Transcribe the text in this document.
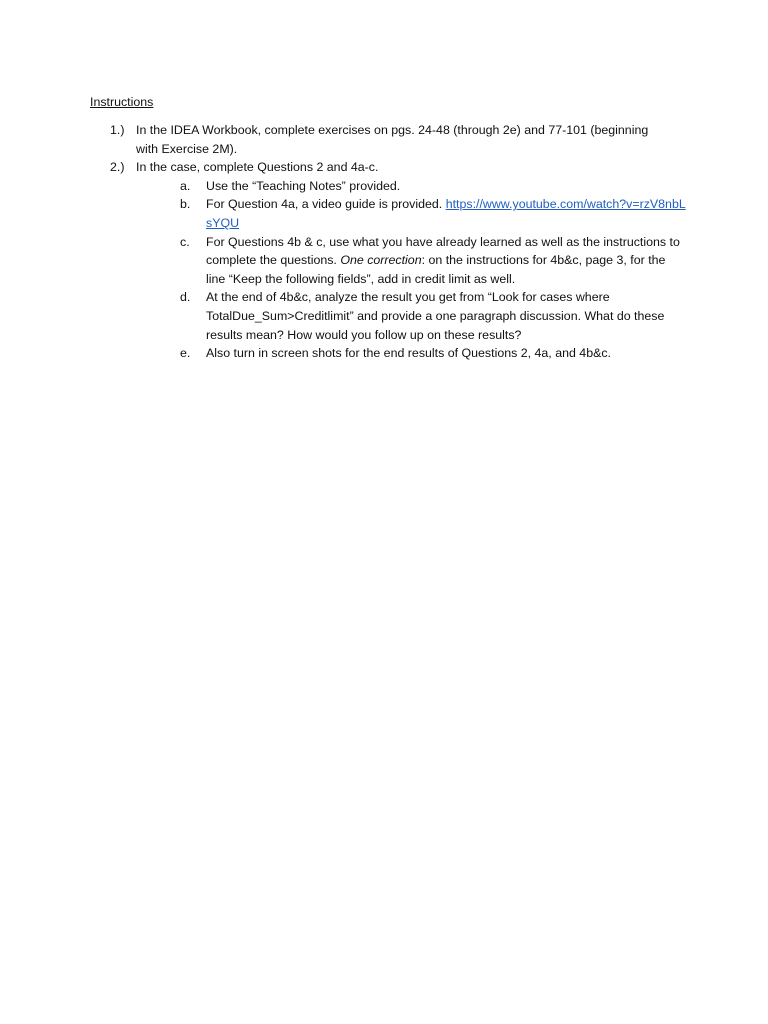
Instructions
1.) In the IDEA Workbook, complete exercises on pgs. 24-48 (through 2e) and 77-101 (beginning with Exercise 2M).
2.) In the case, complete Questions 2 and 4a-c.
a.	Use the “Teaching Notes” provided.
b.	For Question 4a, a video guide is provided. https://www.youtube.com/watch?v=rzV8nbLsYQU
c.	For Questions 4b & c, use what you have already learned as well as the instructions to complete the questions. One correction: on the instructions for 4b&c, page 3, for the line “Keep the following fields”, add in credit limit as well.
d.	At the end of 4b&c, analyze the result you get from “Look for cases where TotalDue_Sum>Creditlimit” and provide a one paragraph discussion. What do these results mean? How would you follow up on these results?
e.	Also turn in screen shots for the end results of Questions 2, 4a, and 4b&c.
